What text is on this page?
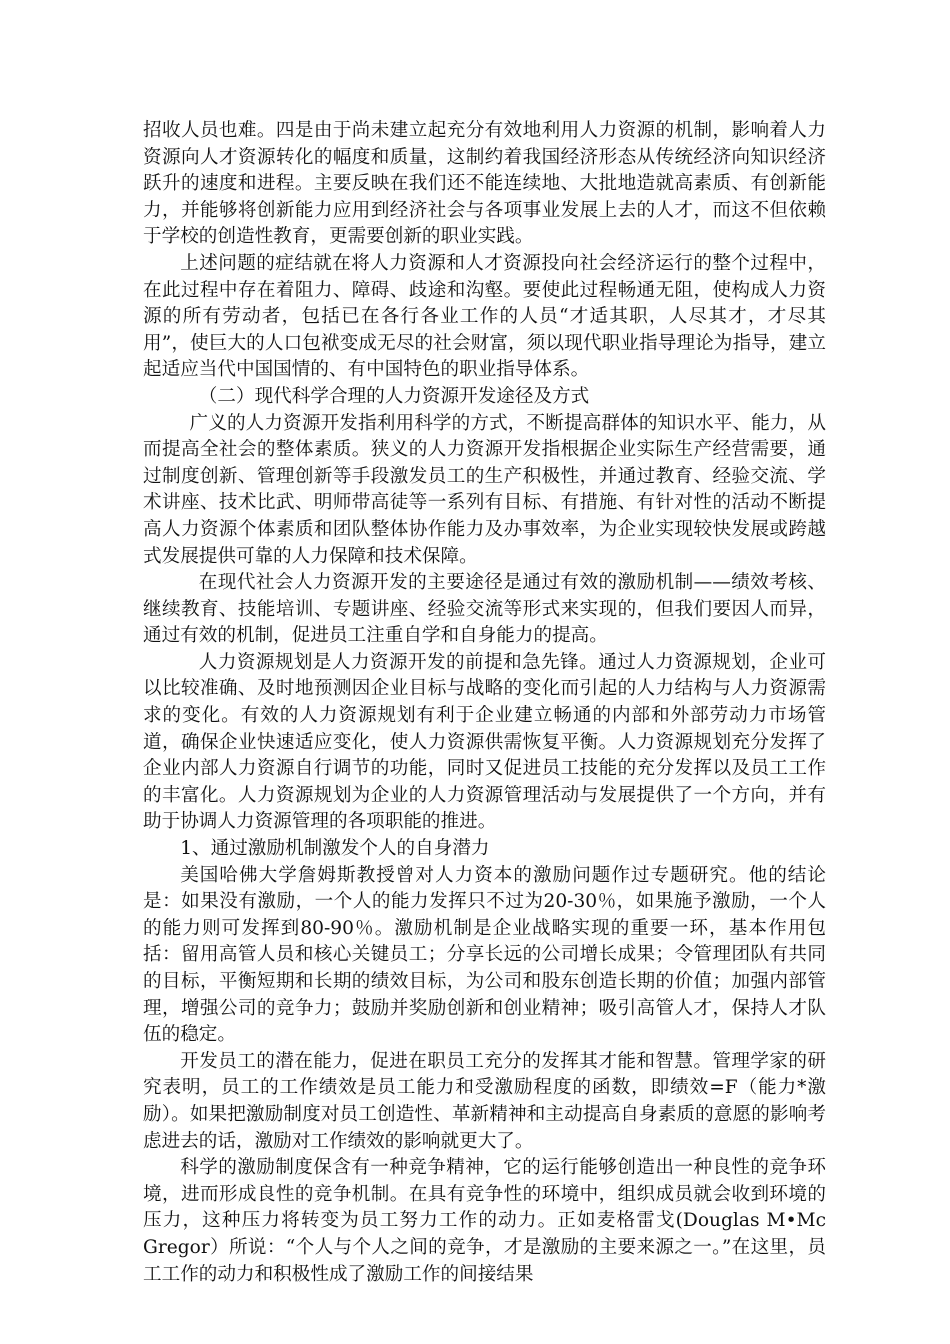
招收人员也难。四是由于尚未建立起充分有效地利用人力资源的机制，影响着人力资源向人才资源转化的幅度和质量，这制约着我国经济形态从传统经济向知识经济跃升的速度和进程。主要反映在我们还不能连续地、大批地造就高素质、有创新能力，并能够将创新能力应用到经济社会与各项事业发展上去的人才，而这不但依赖于学校的创造性教育，更需要创新的职业实践。

上述问题的症结就在将人力资源和人才资源投向社会经济运行的整个过程中，在此过程中存在着阻力、障碍、歧途和沟壑。要使此过程畅通无阻，使构成人力资源的所有劳动者，包括已在各行各业工作的人员“才适其职，人尽其才，才尽其用”，使巨大的人口包袱变成无尽的社会财富，须以现代职业指导理论为指导，建立起适应当代中国国情的、有中国特色的职业指导体系。

（二）现代科学合理的人力资源开发途径及方式

广义的人力资源开发指利用科学的方式，不断提高群体的知识水平、能力，从而提高全社会的整体素质。狭义的人力资源开发指根据企业实际生产经营需要，通过制度创新、管理创新等手段激发员工的生产积极性，并通过教育、经验交流、学术讲座、技术比武、明师带高徒等一系列有目标、有措施、有针对性的活动不断提高人力资源个体素质和团队整体协作能力及办事效率，为企业实现较快发展或跨越式发展提供可靠的人力保障和技术保障。

在现代社会人力资源开发的主要途径是通过有效的激励机制——绩效考核、继续教育、技能培训、专题讲座、经验交流等形式来实现的，但我们要因人而异，通过有效的机制，促进员工注重自学和自身能力的提高。

人力资源规划是人力资源开发的前提和急先锋。通过人力资源规划，企业可以比较准确、及时地预测因企业目标与战略的变化而引起的人力结构与人力资源需求的变化。有效的人力资源规划有利于企业建立畅通的内部和外部劳动力市场管道，确保企业快速适应变化，使人力资源供需恢复平衡。人力资源规划充分发挥了企业内部人力资源自行调节的功能，同时又促进员工技能的充分发挥以及员工工作的丰富化。人力资源规划为企业的人力资源管理活动与发展提供了一个方向，并有助于协调人力资源管理的各项职能的推进。

1、通过激励机制激发个人的自身潜力

美国哈佛大学詹姆斯教授曾对人力资本的激励问题作过专题研究。他的结论是：如果没有激励，一个人的能力发挥只不过为20-30％，如果施予激励，一个人的能力则可发挥到80-90％。激励机制是企业战略实现的重要一环，基本作用包括：留用高管人员和核心关键员工；分享长远的公司增长成果；令管理团队有共同的目标，平衡短期和长期的绩效目标，为公司和股东创造长期的价值；加强内部管理，增强公司的竞争力；鼓励并奖励创新和创业精神；吸引高管人才，保持人才队伍的稳定。

开发员工的潜在能力，促进在职员工充分的发挥其才能和智慧。管理学家的研究表明，员工的工作绩效是员工能力和受激励程度的函数，即绩效=F（能力*激励）。如果把激励制度对员工创造性、革新精神和主动提高自身素质的意愿的影响考虑进去的话，激励对工作绩效的影响就更大了。

科学的激励制度保含有一种竞争精神，它的运行能够创造出一种良性的竞争环境，进而形成良性的竞争机制。在具有竞争性的环境中，组织成员就会收到环境的压力，这种压力将转变为员工努力工作的动力。正如麦格雷戈(Douglas M•Mc Gregor）所说：“个人与个人之间的竞争，才是激励的主要来源之一。”在这里，员工工作的动力和积极性成了激励工作的间接结果
